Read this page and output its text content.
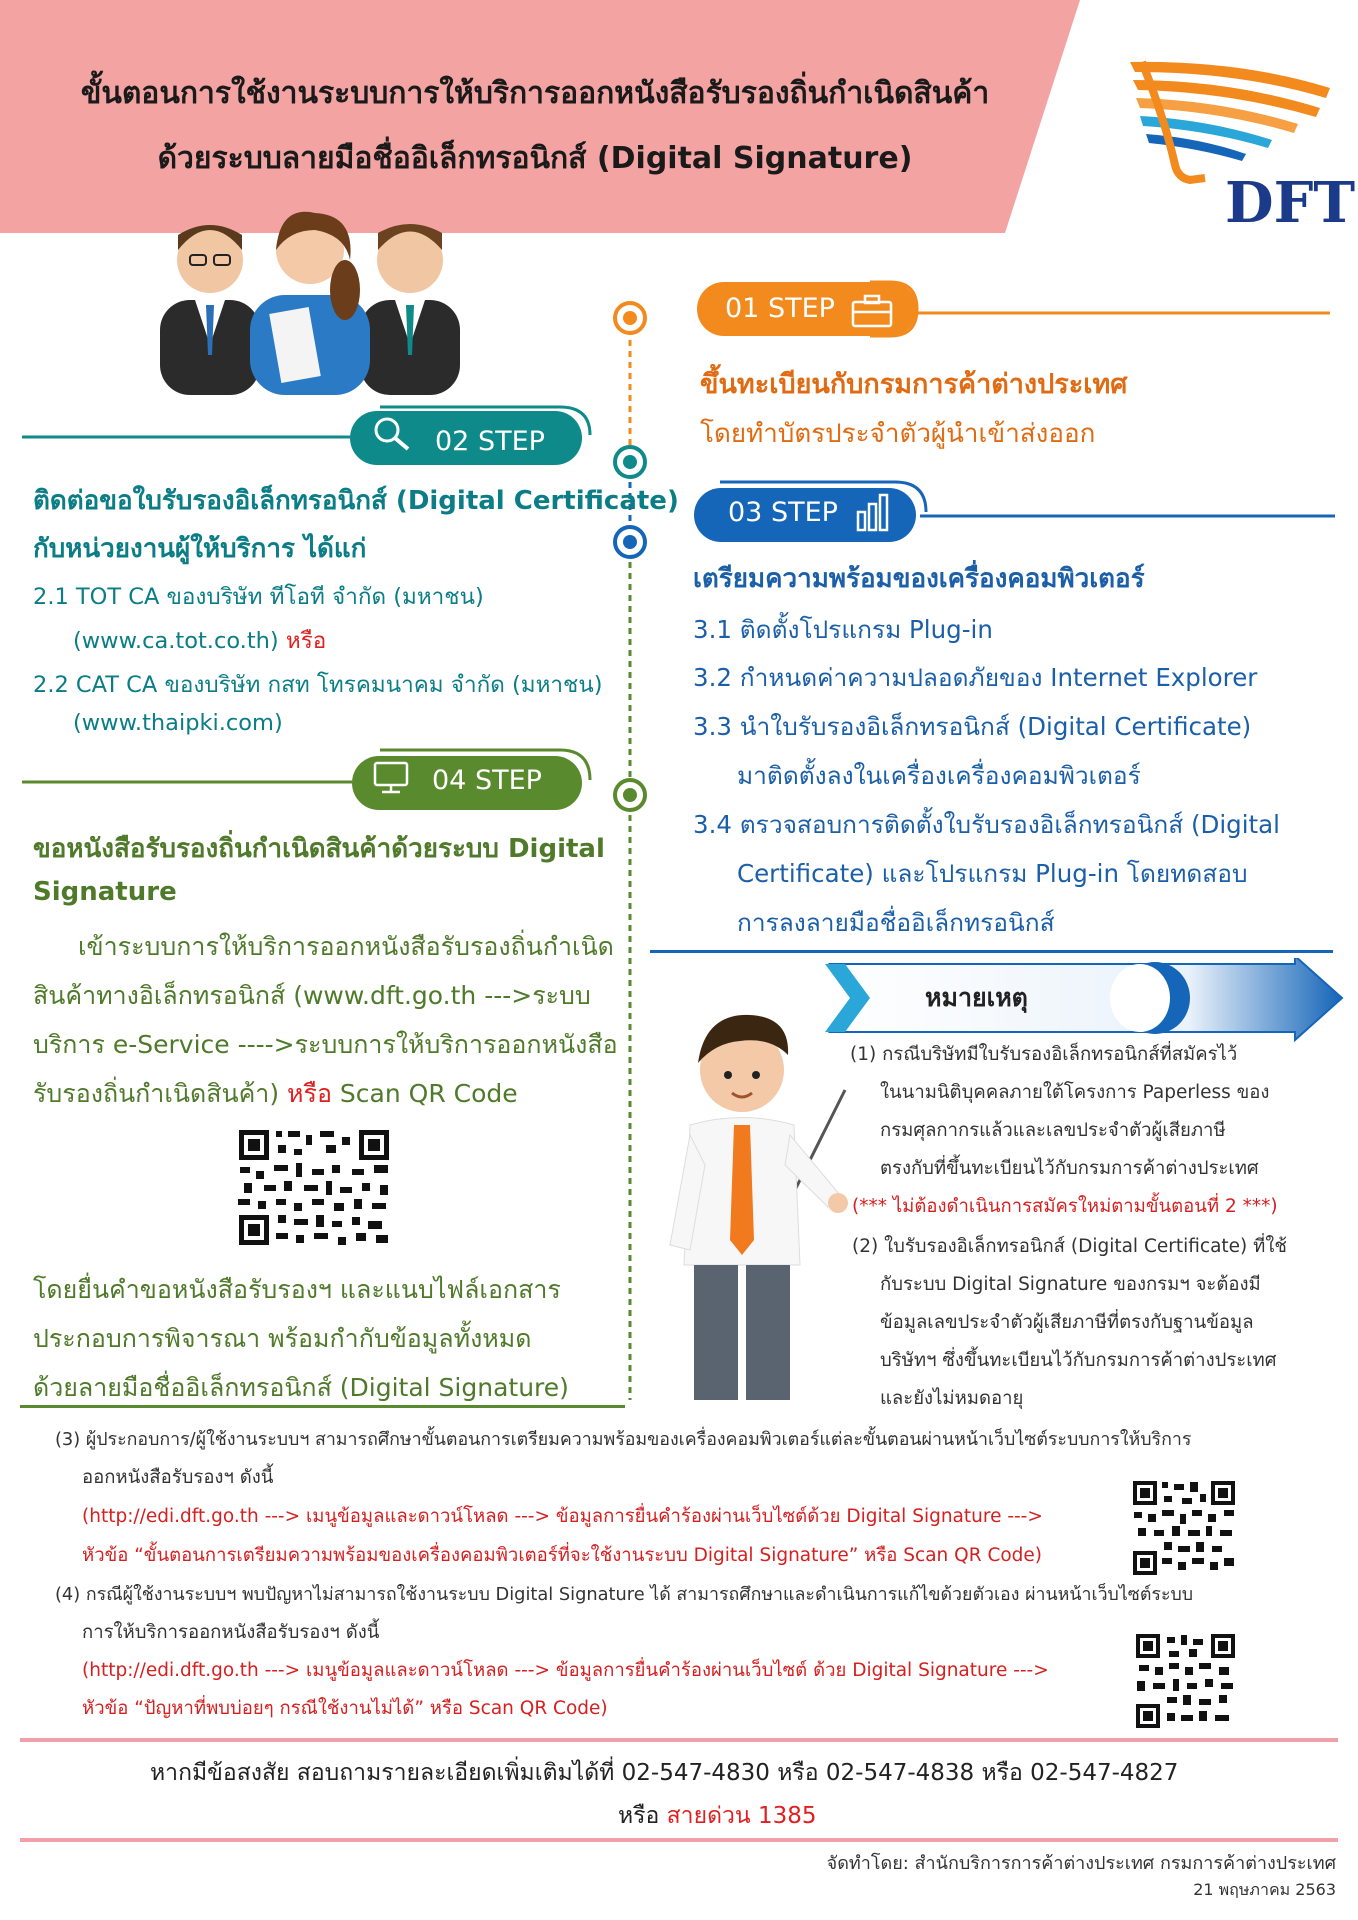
ขั้นตอนการใช้งานระบบการให้บริการออกหนังสือรับรองถิ่นกำเนิดสินค้า
ด้วยระบบลายมือชื่ออิเล็กทรอนิกส์ (Digital Signature)
DFT
01 STEP
ขึ้นทะเบียนกับกรมการค้าต่างประเทศ
โดยทำบัตรประจำตัวผู้นำเข้าส่งออก
02 STEP
ติดต่อขอใบรับรองอิเล็กทรอนิกส์ (Digital Certificate)
กับหน่วยงานผู้ให้บริการ ได้แก่
2.1 TOT CA ของบริษัท ทีโอที จำกัด (มหาชน)
(www.ca.tot.co.th) หรือ
2.2 CAT CA ของบริษัท กสท โทรคมนาคม จำกัด (มหาชน)
(www.thaipki.com)
03 STEP
เตรียมความพร้อมของเครื่องคอมพิวเตอร์
3.1 ติดตั้งโปรแกรม Plug-in
3.2 กำหนดค่าความปลอดภัยของ Internet Explorer
3.3 นำใบรับรองอิเล็กทรอนิกส์ (Digital Certificate)
มาติดตั้งลงในเครื่องเครื่องคอมพิวเตอร์
3.4 ตรวจสอบการติดตั้งใบรับรองอิเล็กทรอนิกส์ (Digital
Certificate) และโปรแกรม Plug-in โดยทดสอบ
การลงลายมือชื่ออิเล็กทรอนิกส์
04 STEP
ขอหนังสือรับรองถิ่นกำเนิดสินค้าด้วยระบบ Digital
Signature
เข้าระบบการให้บริการออกหนังสือรับรองถิ่นกำเนิด
สินค้าทางอิเล็กทรอนิกส์ (www.dft.go.th --->ระบบ
บริการ e-Service ---->ระบบการให้บริการออกหนังสือ
รับรองถิ่นกำเนิดสินค้า) หรือ Scan QR Code
โดยยื่นคำขอหนังสือรับรองฯ และแนบไฟล์เอกสาร
ประกอบการพิจารณา พร้อมกำกับข้อมูลทั้งหมด
ด้วยลายมือชื่ออิเล็กทรอนิกส์ (Digital Signature)
หมายเหตุ
(1) กรณีบริษัทมีใบรับรองอิเล็กทรอนิกส์ที่สมัครไว้
ในนามนิติบุคคลภายใต้โครงการ Paperless ของ
กรมศุลกากรแล้วและเลขประจำตัวผู้เสียภาษี
ตรงกับที่ขึ้นทะเบียนไว้กับกรมการค้าต่างประเทศ
(*** ไม่ต้องดำเนินการสมัครใหม่ตามขั้นตอนที่ 2 ***)
(2) ใบรับรองอิเล็กทรอนิกส์ (Digital Certificate) ที่ใช้
กับระบบ Digital Signature ของกรมฯ จะต้องมี
ข้อมูลเลขประจำตัวผู้เสียภาษีที่ตรงกับฐานข้อมูล
บริษัทฯ ซึ่งขึ้นทะเบียนไว้กับกรมการค้าต่างประเทศ
และยังไม่หมดอายุ
(3) ผู้ประกอบการ/ผู้ใช้งานระบบฯ สามารถศึกษาขั้นตอนการเตรียมความพร้อมของเครื่องคอมพิวเตอร์แต่ละขั้นตอนผ่านหน้าเว็บไซต์ระบบการให้บริการ
ออกหนังสือรับรองฯ ดังนี้
(http://edi.dft.go.th ---> เมนูข้อมูลและดาวน์โหลด ---> ข้อมูลการยื่นคำร้องผ่านเว็บไซต์ด้วย Digital Signature --->
หัวข้อ “ขั้นตอนการเตรียมความพร้อมของเครื่องคอมพิวเตอร์ที่จะใช้งานระบบ Digital Signature” หรือ Scan QR Code)
(4) กรณีผู้ใช้งานระบบฯ พบปัญหาไม่สามารถใช้งานระบบ Digital Signature ได้ สามารถศึกษาและดำเนินการแก้ไขด้วยตัวเอง ผ่านหน้าเว็บไซต์ระบบ
การให้บริการออกหนังสือรับรองฯ ดังนี้
(http://edi.dft.go.th ---> เมนูข้อมูลและดาวน์โหลด ---> ข้อมูลการยื่นคำร้องผ่านเว็บไซต์ ด้วย Digital Signature --->
หัวข้อ “ปัญหาที่พบบ่อยๆ กรณีใช้งานไม่ได้” หรือ Scan QR Code)
หากมีข้อสงสัย สอบถามรายละเอียดเพิ่มเติมได้ที่ 02-547-4830 หรือ 02-547-4838 หรือ 02-547-4827
หรือ สายด่วน 1385
จัดทำโดย: สำนักบริการการค้าต่างประเทศ กรมการค้าต่างประเทศ
21 พฤษภาคม 2563
